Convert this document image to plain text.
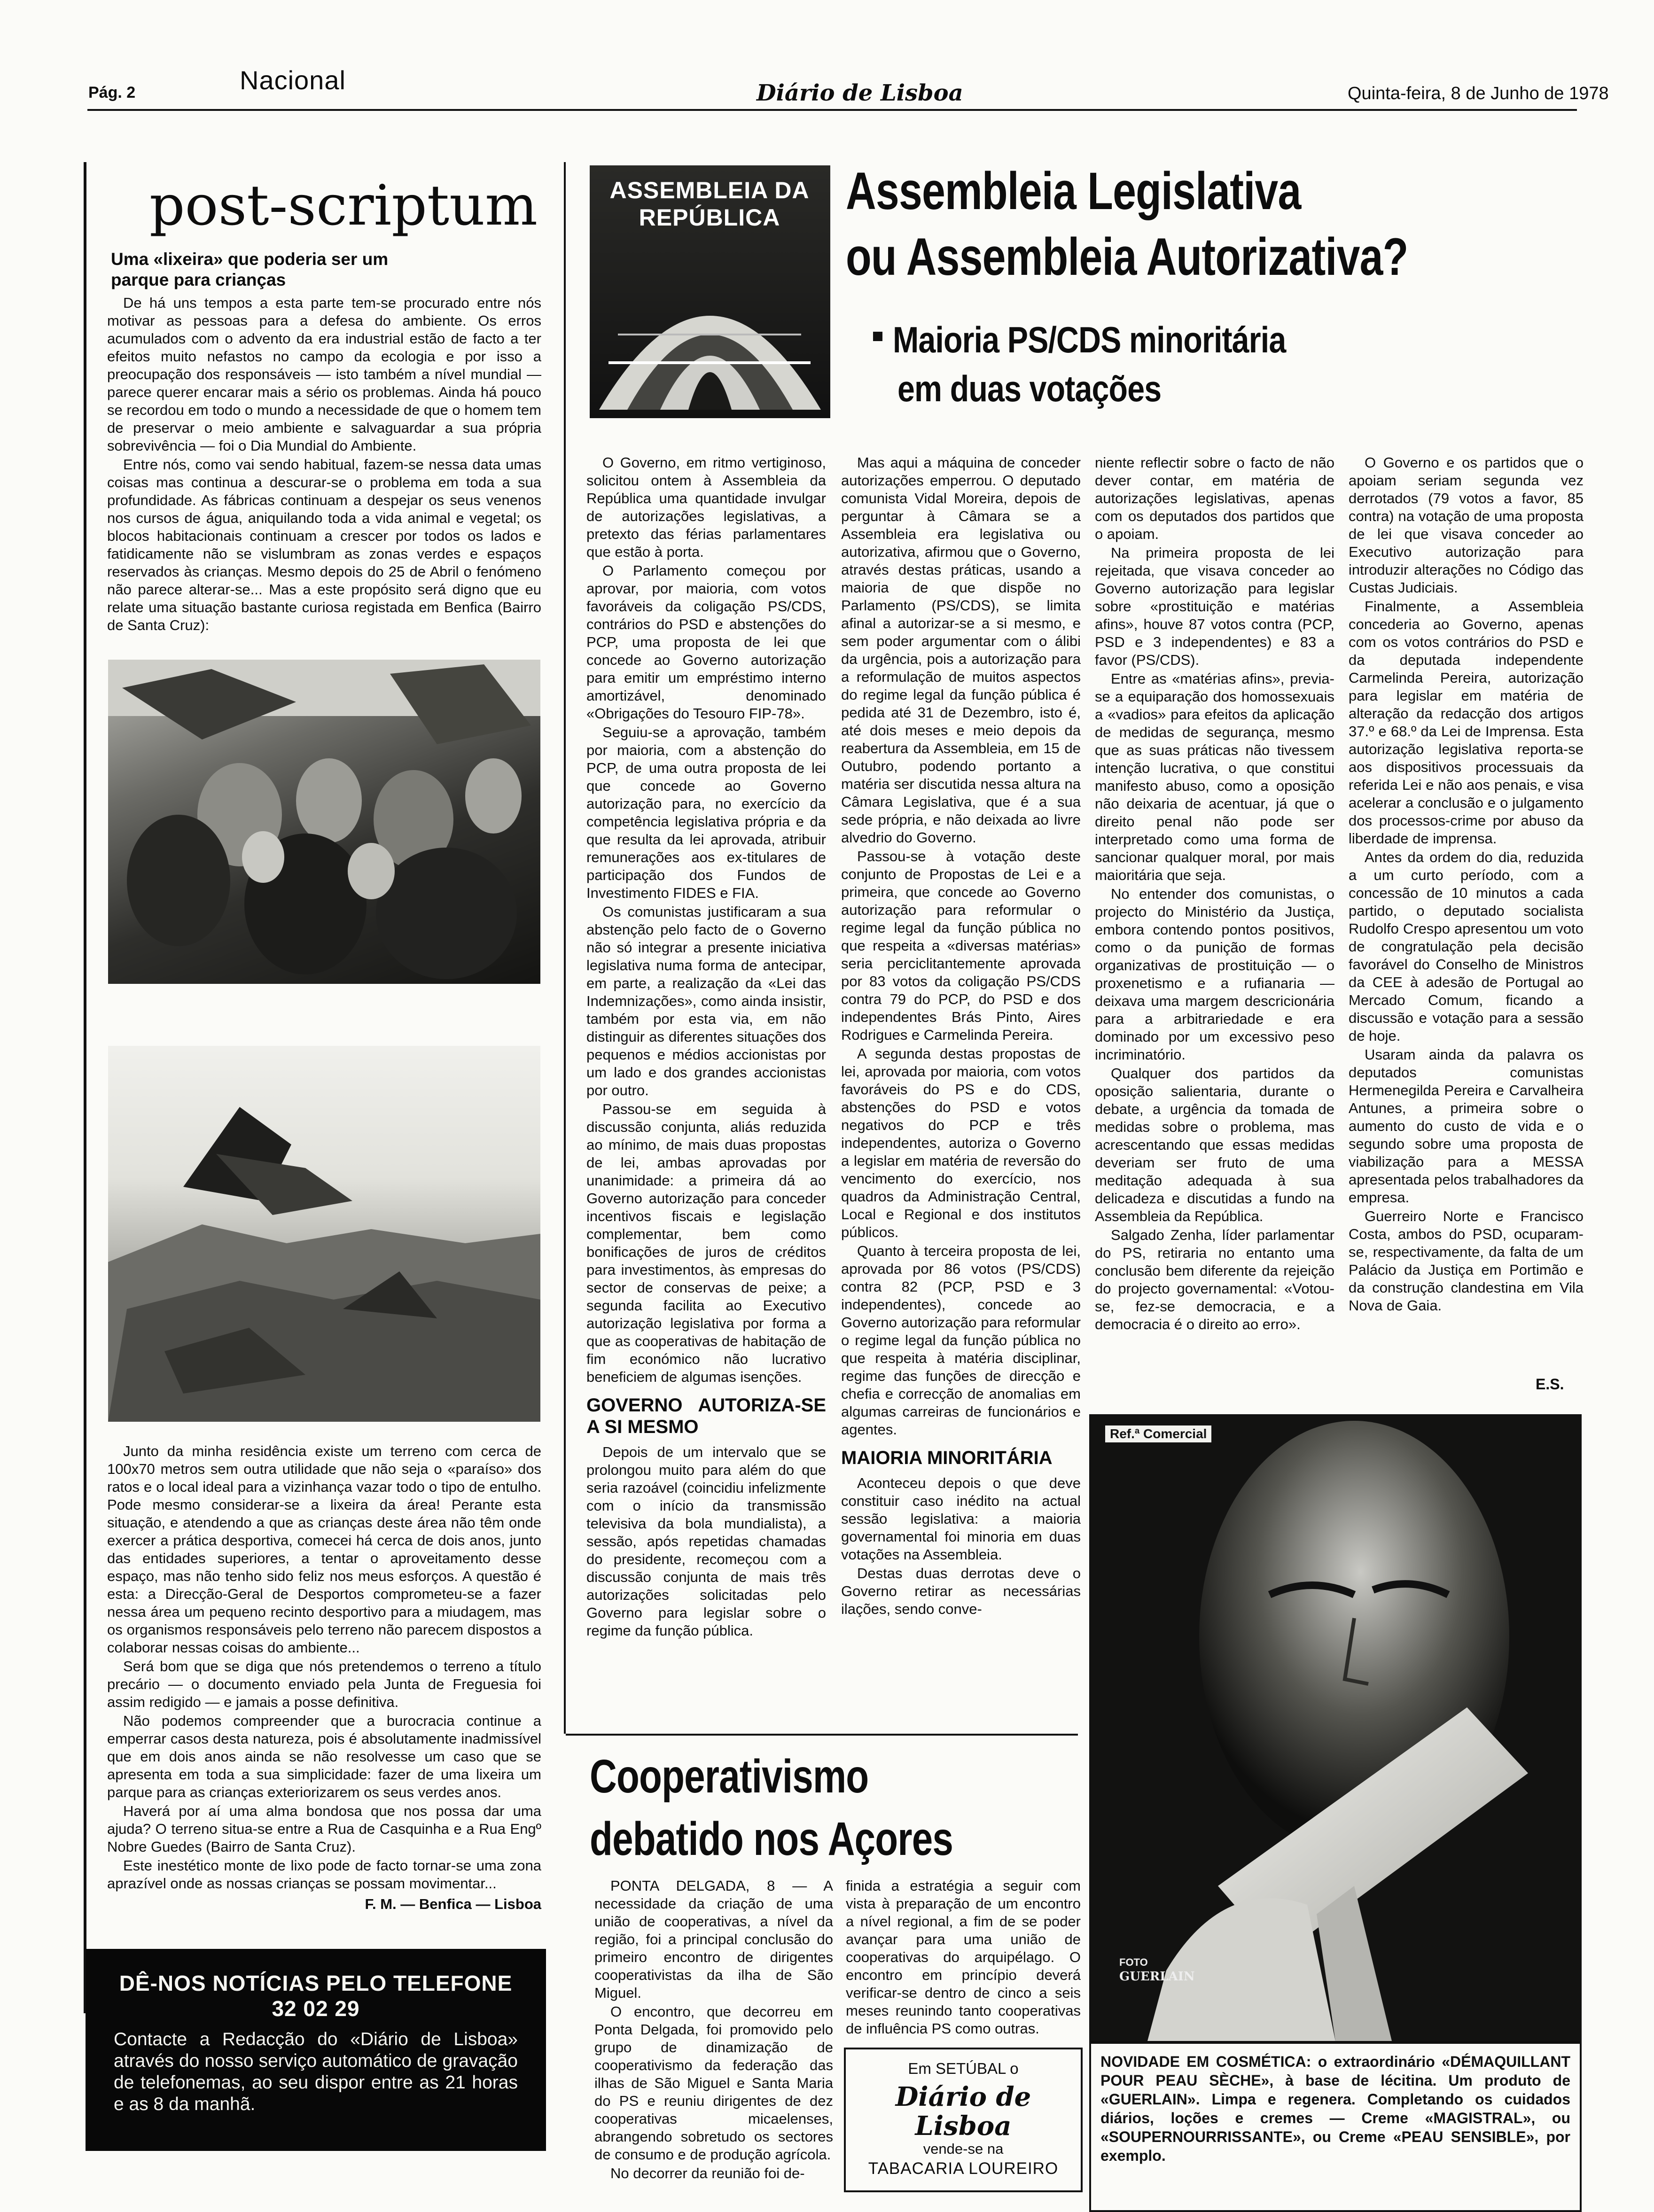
Pág. 2	Nacional	Diário de Lisboa	Quinta-feira, 8 de Junho de 1978
post-scriptum
Uma «lixeira» que poderia ser um parque para crianças

De há uns tempos a esta parte tem-se procurado entre nós motivar as pessoas para a defesa do ambiente. Os erros acumulados com o advento da era industrial estão de facto a ter efeitos muito nefastos no campo da ecologia e por isso a preocupação dos responsáveis — isto também a nível mundial — parece querer encarar mais a sério os problemas. Ainda há pouco se recordou em todo o mundo a necessidade de que o homem tem de preservar o meio ambiente e salvaguardar a sua própria sobrevivência — foi o Dia Mundial do Ambiente.

Entre nós, como vai sendo habitual, fazem-se nessa data umas coisas mas continua a descurar-se o problema em toda a sua profundidade. As fábricas continuam a despejar os seus venenos nos cursos de água, aniquilando toda a vida animal e vegetal; os blocos habitacionais continuam a crescer por todos os lados e fatidicamente não se vislumbram as zonas verdes e espaços reservados às crianças. Mesmo depois do 25 de Abril o fenómeno não parece alterar-se... Mas a este propósito será digno que eu relate uma situação bastante curiosa registada em Benfica (Bairro de Santa Cruz):

Junto da minha residência existe um terreno com cerca de 100x70 metros sem outra utilidade que não seja o «paraíso» dos ratos e o local ideal para a vizinhança vazar todo o tipo de entulho. Pode mesmo considerar-se a lixeira da área! Perante esta situação, e atendendo a que as crianças deste área não têm onde exercer a prática desportiva, comecei há cerca de dois anos, junto das entidades superiores, a tentar o aproveitamento desse espaço, mas não tenho sido feliz nos meus esforços. A questão é esta: a Direcção-Geral de Desportos comprometeu-se a fazer nessa área um pequeno recinto desportivo para a miudagem, mas os organismos responsáveis pelo terreno não parecem dispostos a colaborar nessas coisas do ambiente...

Será bom que se diga que nós pretendemos o terreno a título precário — o documento enviado pela Junta de Freguesia foi assim redigido — e jamais a posse definitiva.

Não podemos compreender que a burocracia continue a emperrar casos desta natureza, pois é absolutamente inadmissível que em dois anos ainda se não resolvesse um caso que se apresenta em toda a sua simplicidade: fazer de uma lixeira um parque para as crianças exteriorizarem os seus verdes anos.

Haverá por aí uma alma bondosa que nos possa dar uma ajuda? O terreno situa-se entre a Rua de Casquinha e a Rua Engº Nobre Guedes (Bairro de Santa Cruz).

Este inestético monte de lixo pode de facto tornar-se uma zona aprazível onde as nossas crianças se possam movimentar...

F. M. — Benfica — Lisboa
DÊ-NOS NOTÍCIAS PELO TELEFONE 32 02 29
Contacte a Redacção do «Diário de Lisboa» através do nosso serviço automático de gravação de telefonemas, ao seu dispor entre as 21 horas e as 8 da manhã.
ASSEMBLEIA DA REPÚBLICA	Assembleia Legislativa
ou Assembleia Autorizativa?
Maioria PS/CDS minoritária
em duas votações

O Governo, em ritmo vertiginoso, solicitou ontem à Assembleia da República uma quantidade invulgar de autorizações legislativas, a pretexto das férias parlamentares que estão à porta.

O Parlamento começou por aprovar, por maioria, com votos favoráveis da coligação PS/CDS, contrários do PSD e abstenções do PCP, uma proposta de lei que concede ao Governo autorização para emitir um empréstimo interno amortizável, denominado «Obrigações do Tesouro FIP-78».

Seguiu-se a aprovação, também por maioria, com a abstenção do PCP, de uma outra proposta de lei que concede ao Governo autorização para, no exercício da competência legislativa própria e da que resulta da lei aprovada, atribuir remunerações aos ex-titulares de participação dos Fundos de Investimento FIDES e FIA.

Os comunistas justificaram a sua abstenção pelo facto de o Governo não só integrar a presente iniciativa legislativa numa forma de antecipar, em parte, a realização da «Lei das Indemnizações», como ainda insistir, também por esta via, em não distinguir as diferentes situações dos pequenos e médios accionistas por um lado e dos grandes accionistas por outro.

Passou-se em seguida à discussão conjunta, aliás reduzida ao mínimo, de mais duas propostas de lei, ambas aprovadas por unanimidade: a primeira dá ao Governo autorização para conceder incentivos fiscais e legislação complementar, bem como bonificações de juros de créditos para investimentos, às empresas do sector de conservas de peixe; a segunda facilita ao Executivo autorização legislativa por forma a que as cooperativas de habitação de fim económico não lucrativo beneficiem de algumas isenções.

GOVERNO AUTORIZA-SE A SI MESMO

Depois de um intervalo que se prolongou muito para além do que seria razoável (coincidiu infelizmente com o início da transmissão televisiva da bola mundialista), a sessão, após repetidas chamadas do presidente, recomeçou com a discussão conjunta de mais três autorizações solicitadas pelo Governo para legislar sobre o regime da função pública.

Mas aqui a máquina de conceder autorizações emperrou. O deputado comunista Vidal Moreira, depois de perguntar à Câmara se a Assembleia era legislativa ou autorizativa, afirmou que o Governo, através destas práticas, usando a maioria de que dispõe no Parlamento (PS/CDS), se limita afinal a autorizar-se a si mesmo, e sem poder argumentar com o álibi da urgência, pois a autorização para a reformulação de muitos aspectos do regime legal da função pública é pedida até 31 de Dezembro, isto é, até dois meses e meio depois da reabertura da Assembleia, em 15 de Outubro, podendo portanto a matéria ser discutida nessa altura na Câmara Legislativa, que é a sua sede própria, e não deixada ao livre alvedrio do Governo.

Passou-se à votação deste conjunto de Propostas de Lei e a primeira, que concede ao Governo autorização para reformular o regime legal da função pública no que respeita a «diversas matérias» seria perciclitantemente aprovada por 83 votos da coligação PS/CDS contra 79 do PCP, do PSD e dos independentes Brás Pinto, Aires Rodrigues e Carmelinda Pereira.

A segunda destas propostas de lei, aprovada por maioria, com votos favoráveis do PS e do CDS, abstenções do PSD e votos negativos do PCP e três independentes, autoriza o Governo a legislar em matéria de reversão do vencimento do exercício, nos quadros da Administração Central, Local e Regional e dos institutos públicos.

Quanto à terceira proposta de lei, aprovada por 86 votos (PS/CDS) contra 82 (PCP, PSD e 3 independentes), concede ao Governo autorização para reformular o regime legal da função pública no que respeita à matéria disciplinar, regime das funções de direcção e chefia e correcção de anomalias em algumas carreiras de funcionários e agentes.

MAIORIA MINORITÁRIA

Aconteceu depois o que deve constituir caso inédito na actual sessão legislativa: a maioria governamental foi minoria em duas votações na Assembleia.

Destas duas derrotas deve o Governo retirar as necessárias ilações, sendo conve-

niente reflectir sobre o facto de não dever contar, em matéria de autorizações legislativas, apenas com os deputados dos partidos que o apoiam.

Na primeira proposta de lei rejeitada, que visava conceder ao Governo autorização para legislar sobre «prostituição e matérias afins», houve 87 votos contra (PCP, PSD e 3 independentes) e 83 a favor (PS/CDS).

Entre as «matérias afins», previa-se a equiparação dos homossexuais a «vadios» para efeitos da aplicação de medidas de segurança, mesmo que as suas práticas não tivessem intenção lucrativa, o que constitui manifesto abuso, como a oposição não deixaria de acentuar, já que o direito penal não pode ser interpretado como uma forma de sancionar qualquer moral, por mais maioritária que seja.

No entender dos comunistas, o projecto do Ministério da Justiça, embora contendo pontos positivos, como o da punição de formas organizativas de prostituição — o proxenetismo e a rufianaria — deixava uma margem descricionária para a arbitrariedade e era dominado por um excessivo peso incriminatório.

Qualquer dos partidos da oposição salientaria, durante o debate, a urgência da tomada de medidas sobre o problema, mas acrescentando que essas medidas deveriam ser fruto de uma meditação adequada à sua delicadeza e discutidas a fundo na Assembleia da República.

Salgado Zenha, líder parlamentar do PS, retiraria no entanto uma conclusão bem diferente da rejeição do projecto governamental: «Votou-se, fez-se democracia, e a democracia é o direito ao erro».

O Governo e os partidos que o apoiam seriam segunda vez derrotados (79 votos a favor, 85 contra) na votação de uma proposta de lei que visava conceder ao Executivo autorização para introduzir alterações no Código das Custas Judiciais.

Finalmente, a Assembleia concederia ao Governo, apenas com os votos contrários do PSD e da deputada independente Carmelinda Pereira, autorização para legislar em matéria de alteração da redacção dos artigos 37.º e 68.º da Lei de Imprensa. Esta autorização legislativa reporta-se aos dispositivos processuais da referida Lei e não aos penais, e visa acelerar a conclusão e o julgamento dos processos-crime por abuso da liberdade de imprensa.

Antes da ordem do dia, reduzida a um curto período, com a concessão de 10 minutos a cada partido, o deputado socialista Rudolfo Crespo apresentou um voto de congratulação pela decisão favorável do Conselho de Ministros da CEE à adesão de Portugal ao Mercado Comum, ficando a discussão e votação para a sessão de hoje.

Usaram ainda da palavra os deputados comunistas Hermenegilda Pereira e Carvalheira Antunes, a primeira sobre o aumento do custo de vida e o segundo sobre uma proposta de viabilização para a MESSA apresentada pelos trabalhadores da empresa.

Guerreiro Norte e Francisco Costa, ambos do PSD, ocuparam-se, respectivamente, da falta de um Palácio da Justiça em Portimão e da construção clandestina em Vila Nova de Gaia.

E.S.
Cooperativismo
debatido nos Açores

PONTA DELGADA, 8 — A necessidade da criação de uma união de cooperativas, a nível da região, foi a principal conclusão do primeiro encontro de dirigentes cooperativistas da ilha de São Miguel.

O encontro, que decorreu em Ponta Delgada, foi promovido pelo grupo de dinamização de cooperativismo da federação das ilhas de São Miguel e Santa Maria do PS e reuniu dirigentes de dez cooperativas micaelenses, abrangendo sobretudo os sectores de consumo e de produção agrícola.

No decorrer da reunião foi de-

finida a estratégia a seguir com vista à preparação de um encontro a nível regional, a fim de se poder avançar para uma união de cooperativas do arquipélago. O encontro em princípio deverá verificar-se dentro de cinco a seis meses reunindo tanto cooperativas de influência PS como outras.

Em SETÚBAL o
Diário de Lisboa
vende-se na
TABACARIA LOUREIRO
Ref.ª Comercial
FOTO
GUERLAIN
NOVIDADE EM COSMÉTICA: o extraordinário «DÉMAQUILLANT POUR PEAU SÈCHE», à base de lécitina. Um produto de «GUERLAIN». Limpa e regenera. Completando os cuidados diários, loções e cremes — Creme «MAGISTRAL», ou «SOUPERNOURRISSANTE», ou Creme «PEAU SENSIBLE», por exemplo.
